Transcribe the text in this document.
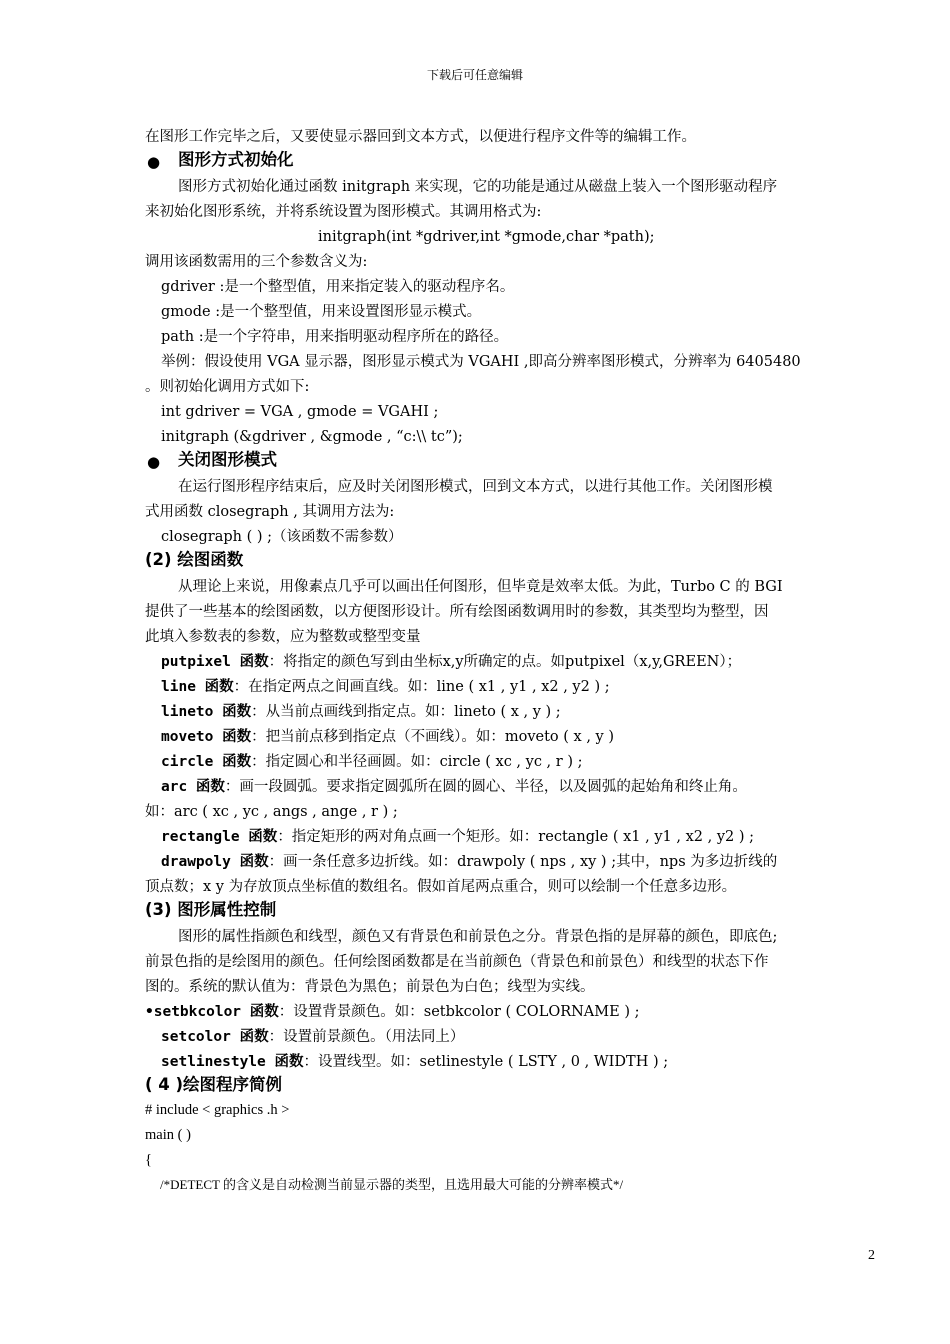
下载后可任意编辑
在图形工作完毕之后，又要使显示器回到文本方式，以便进行程序文件等的编辑工作。
● 图形方式初始化
图形方式初始化通过函数 initgraph 来实现，它的功能是通过从磁盘上装入一个图形驱动程序
来初始化图形系统，并将系统设置为图形模式。其调用格式为:
initgraph(int *gdriver,int *gmode,char *path);
调用该函数需用的三个参数含义为:
gdriver :是一个整型值，用来指定装入的驱动程序名。
gmode :是一个整型值，用来设置图形显示模式。
path :是一个字符串，用来指明驱动程序所在的路径。
举例：假设使用 VGA 显示器，图形显示模式为 VGAHI ,即高分辨率图形模式，分辨率为 6405480
。则初始化调用方式如下:
int gdriver = VGA , gmode = VGAHI ;
initgraph (&gdriver , &gmode , “c:\\ tc”);
● 关闭图形模式
在运行图形程序结束后，应及时关闭图形模式，回到文本方式，以进行其他工作。关闭图形模
式用函数 closegraph , 其调用方法为:
closegraph ( ) ;（该函数不需参数）
(2) 绘图函数
从理论上来说，用像素点几乎可以画出任何图形，但毕竟是效率太低。为此，Turbo C 的 BGI
提供了一些基本的绘图函数，以方便图形设计。所有绘图函数调用时的参数，其类型均为整型，因
此填入参数表的参数，应为整数或整型变量
putpixel 函数：将指定的颜色写到由坐标x,y所确定的点。如putpixel（x,y,GREEN）；
line 函数：在指定两点之间画直线。如：line ( x1 , y1 , x2 , y2 ) ;
lineto 函数：从当前点画线到指定点。如：lineto ( x , y ) ;
moveto 函数：把当前点移到指定点（不画线）。如：moveto ( x , y )
circle 函数：指定圆心和半径画圆。如：circle ( xc , yc , r ) ;
arc 函数：画一段圆弧。要求指定圆弧所在圆的圆心、半径，以及圆弧的起始角和终止角。
如：arc ( xc , yc , angs , ange , r ) ;
rectangle 函数：指定矩形的两对角点画一个矩形。如：rectangle ( x1 , y1 , x2 , y2 ) ;
drawpoly 函数：画一条任意多边折线。如：drawpoly ( nps , xy ) ;其中，nps 为多边折线的
顶点数；x y 为存放顶点坐标值的数组名。假如首尾两点重合，则可以绘制一个任意多边形。
(3) 图形属性控制
图形的属性指颜色和线型，颜色又有背景色和前景色之分。背景色指的是屏幕的颜色，即底色;
前景色指的是绘图用的颜色。任何绘图函数都是在当前颜色（背景色和前景色）和线型的状态下作
图的。系统的默认值为：背景色为黑色；前景色为白色；线型为实线。
•setbkcolor 函数：设置背景颜色。如：setbkcolor ( COLORNAME ) ;
setcolor 函数：设置前景颜色。（用法同上）
setlinestyle 函数：设置线型。如：setlinestyle ( LSTY , 0 , WIDTH ) ;
( 4 )绘图程序简例
# include < graphics .h >
main ( )
{
/*DETECT 的含义是自动检测当前显示器的类型，且选用最大可能的分辨率模式*/
2
